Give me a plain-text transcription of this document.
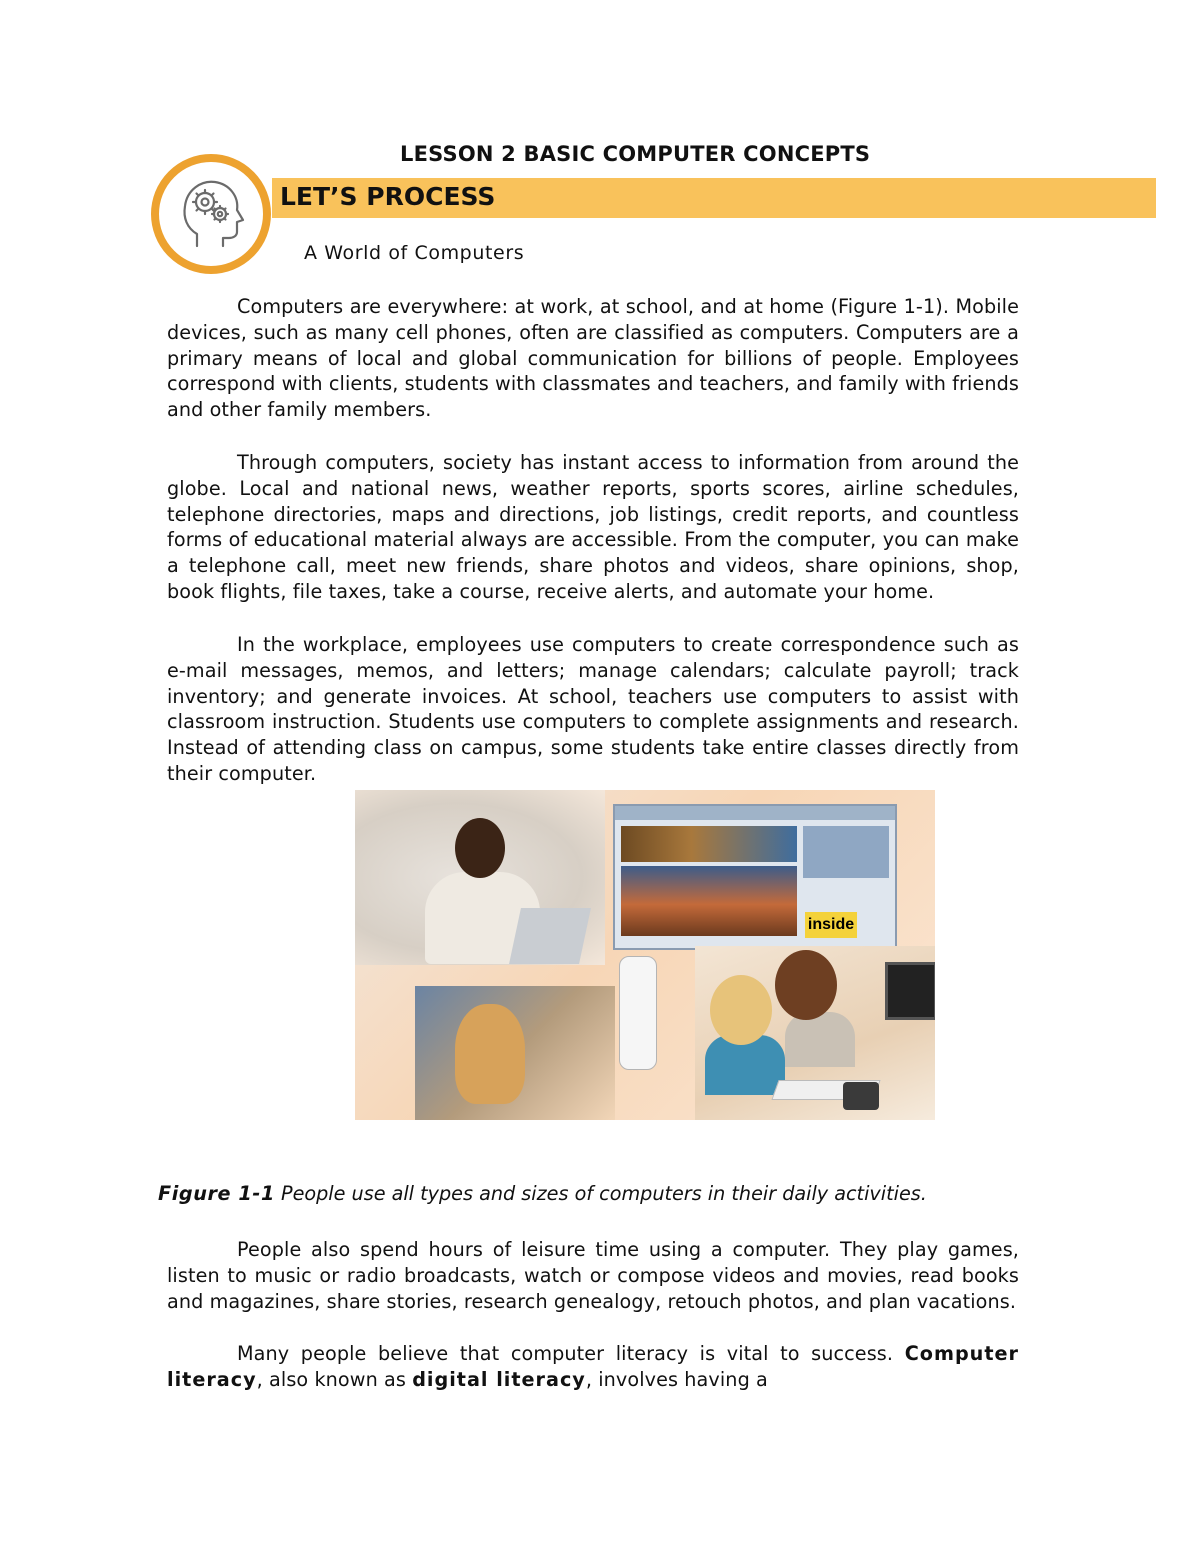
LESSON 2 BASIC COMPUTER CONCEPTS
LET’S PROCESS
A World of Computers

Computers are everywhere: at work, at school, and at home (Figure 1-1). Mobile devices, such as many cell phones, often are classified as computers. Computers are a primary means of local and global communication for billions of people. Employees correspond with clients, students with classmates and teachers, and family with friends and other family members.

Through computers, society has instant access to information from around the globe. Local and national news, weather reports, sports scores, airline schedules, telephone directories, maps and directions, job listings, credit reports, and countless forms of educational material always are accessible. From the computer, you can make a telephone call, meet new friends, share photos and videos, share opinions, shop, book flights, file taxes, take a course, receive alerts, and automate your home.

In the workplace, employees use computers to create correspondence such as e-mail messages, memos, and letters; manage calendars; calculate payroll; track inventory; and generate invoices. At school, teachers use computers to assist with classroom instruction. Students use computers to complete assignments and research. Instead of attending class on campus, some students take entire classes directly from their computer.

inside

Figure 1-1 People use all types and sizes of computers in their daily activities.

People also spend hours of leisure time using a computer. They play games, listen to music or radio broadcasts, watch or compose videos and movies, read books and magazines, share stories, research genealogy, retouch photos, and plan vacations.

Many people believe that computer literacy is vital to success. Computer literacy, also known as digital literacy, involves having a
